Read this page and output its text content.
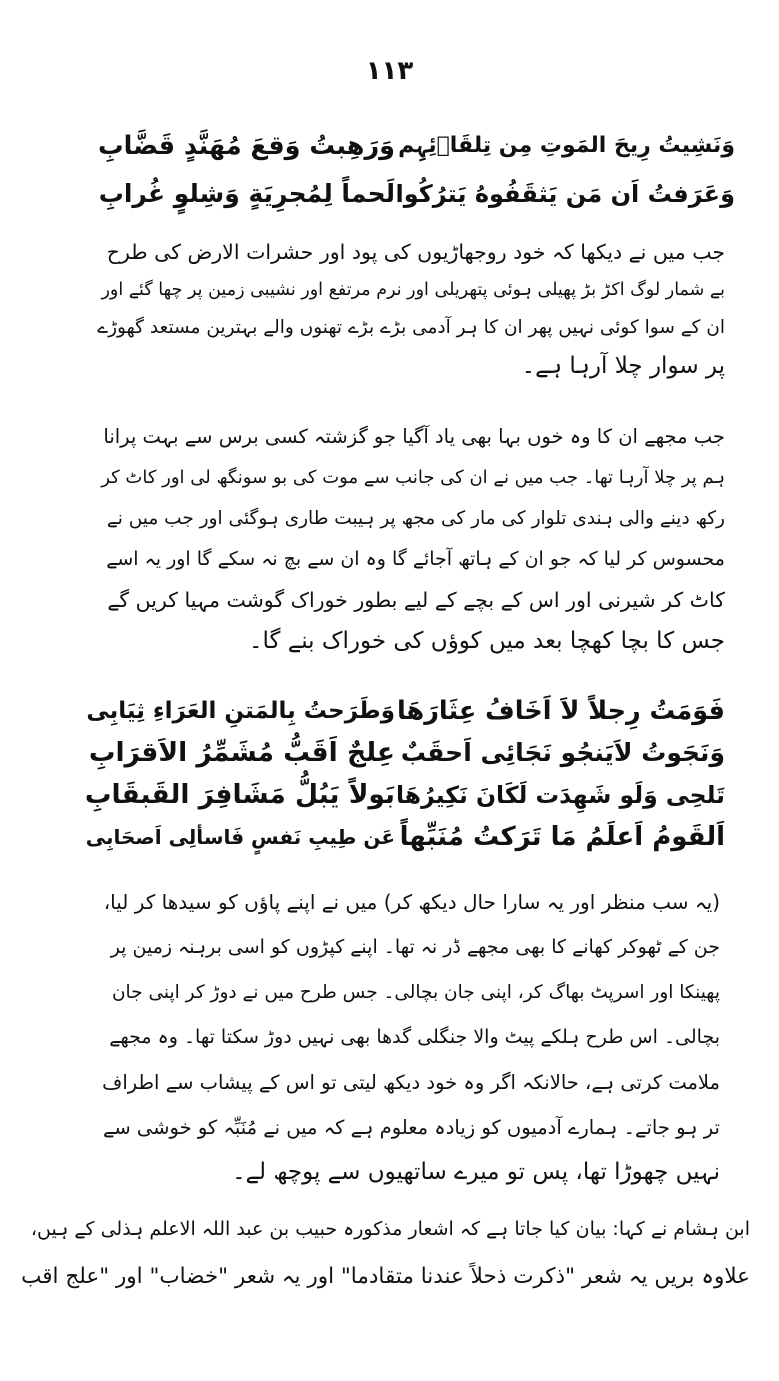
۱۱۳
وَنَشِیتُ رِیحَ المَوتِ مِن تِلقَاۤئِہِم
وَرَهِبتُ وَقعَ مُهَنَّدٍ قَضَّابِ
وَعَرَفتُ اَن مَن یَثقَفُوهُ یَترُکُوا
لَحماً لِمُجرِیَةٍ وَشِلوٍ غُرابِ
جب میں نے دیکھا کہ خود روجھاڑیوں کی پود اور حشرات الارض کی طرح
بے شمار لوگ اکڑ بڑ پھیلی ہوئی پتھریلی اور نرم مرتفع اور نشیبی زمین پر چھا گئے اور
ان کے سوا کوئی نہیں پھر ان کا ہر آدمی بڑے بڑے تھنوں والے بہترین مستعد گھوڑے
پر سوار چلا آرہا ہے۔
جب مجھے ان کا وہ خوں بہا بھی یاد آگیا جو گزشتہ کسی برس سے بہت پرانا
ہم پر چلا آرہا تھا۔ جب میں نے ان کی جانب سے موت کی بو سونگھ لی اور کاٹ کر
رکھ دینے والی ہندی تلوار کی مار کی مجھ پر ہیبت طاری ہوگئی اور جب میں نے
محسوس کر لیا کہ جو ان کے ہاتھ آجائے گا وہ ان سے بچ نہ سکے گا اور یہ اسے
کاٹ کر شیرنی اور اس کے بچے کے لیے بطور خوراک گوشت مہیا کریں گے
جس کا بچا کھچا بعد میں کوؤں کی خوراک بنے گا۔
فَوَمَتُ رِجلاً لاَ اَخَافُ عِثَارَهَا
وَطَرَحتُ بِالمَتنِ العَرَاءِ ثِیَابِی
وَنَجَوتُ لاَیَنجُو نَجَائِی اَحقَبٌ
عِلجٌ اَقَبُّ مُشَمِّرُ الاَقرَابِ
تَلحِی وَلَو شَهِدَت لَکَانَ نَکِیرُهَا
بَولاً یَبُلُّ مَشَافِرَ القَبقَابِ
اَلقَومُ اَعلَمُ مَا تَرَکتُ مُنَبِّهاً
عَن طِیبِ نَفسٍ فَاسألِی اَصحَابِی
(یہ سب منظر اور یہ سارا حال دیکھ کر) میں نے اپنے پاؤں کو سیدھا کر لیا،
جن کے ٹھوکر کھانے کا بھی مجھے ڈر نہ تھا۔ اپنے کپڑوں کو اسی برہنہ زمین پر
پھینکا اور اسرپٹ بھاگ کر، اپنی جان بچالی۔ جس طرح میں نے دوڑ کر اپنی جان
بچالی۔ اس طرح ہلکے پیٹ والا جنگلی گدھا بھی نہیں دوڑ سکتا تھا۔ وہ مجھے
ملامت کرتی ہے، حالانکہ اگر وہ خود دیکھ لیتی تو اس کے پیشاب سے اطراف
تر ہو جاتے۔ ہمارے آدمیوں کو زیادہ معلوم ہے کہ میں نے مُنَبِّہ کو خوشی سے
نہیں چھوڑا تھا، پس تو میرے ساتھیوں سے پوچھ لے۔
ابن ہشام نے کہا: بیان کیا جاتا ہے کہ اشعار مذکورہ حبیب بن عبد اللہ الاعلم ہذلی کے ہیں،
علاوہ بریں یہ شعر "ذکرت ذحلاً عندنا متقادما" اور یہ شعر "خضاب" اور "علج اقب
